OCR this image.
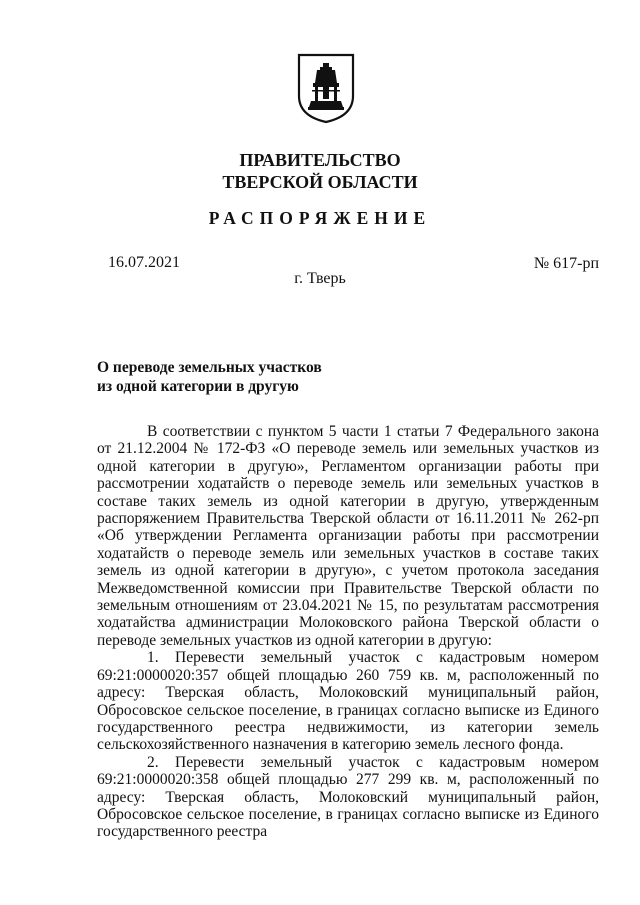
ПРАВИТЕЛЬСТВО
ТВЕРСКОЙ ОБЛАСТИ
РАСПОРЯЖЕНИЕ
16.07.2021	№ 617-рп
г. Тверь
О переводе земельных участков
из одной категории в другую

В соответствии с пунктом 5 части 1 статьи 7 Федерального закона от 21.12.2004 № 172-ФЗ «О переводе земель или земельных участков из одной категории в другую», Регламентом организации работы при рассмотрении ходатайств о переводе земель или земельных участков в составе таких земель из одной категории в другую, утвержденным распоряжением Правительства Тверской области от 16.11.2011 № 262-рп «Об утверждении Регламента организации работы при рассмотрении ходатайств о переводе земель или земельных участков в составе таких земель из одной категории в другую», с учетом протокола заседания Межведомственной комиссии при Правительстве Тверской области по земельным отношениям от 23.04.2021 № 15, по результатам рассмотрения ходатайства администрации Молоковского района Тверской области о переводе земельных участков из одной категории в другую:

1. Перевести земельный участок с кадастровым номером 69:21:0000020:357 общей площадью 260 759 кв. м, расположенный по адресу: Тверская область, Молоковский муниципальный район, Обросовское сельское поселение, в границах согласно выписке из Единого государственного реестра недвижимости, из категории земель сельскохозяйственного назначения в категорию земель лесного фонда.

2. Перевести земельный участок с кадастровым номером 69:21:0000020:358 общей площадью 277 299 кв. м, расположенный по адресу: Тверская область, Молоковский муниципальный район, Обросовское сельское поселение, в границах согласно выписке из Единого государственного реестра
